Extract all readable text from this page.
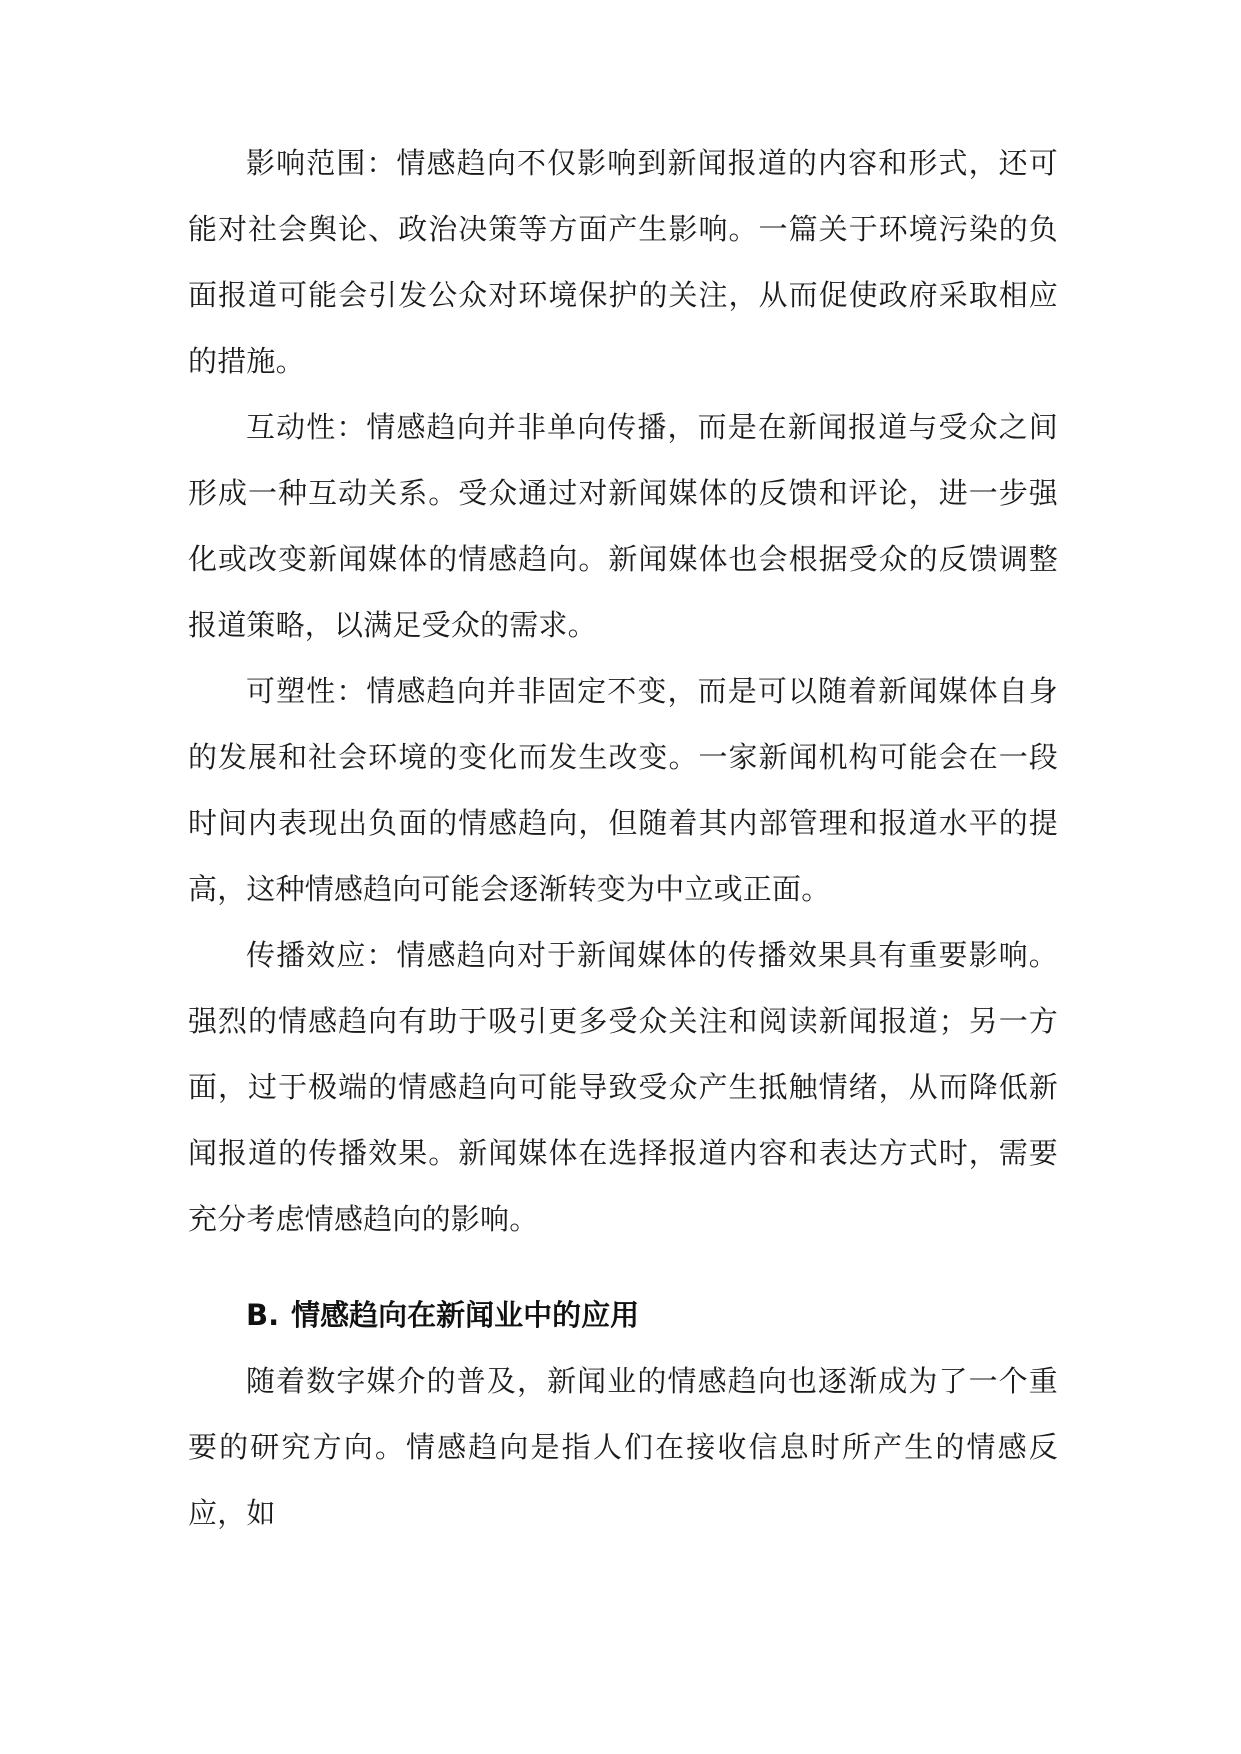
影响范围：情感趋向不仅影响到新闻报道的内容和形式，还可能对社会舆论、政治决策等方面产生影响。一篇关于环境污染的负面报道可能会引发公众对环境保护的关注，从而促使政府采取相应的措施。

互动性：情感趋向并非单向传播，而是在新闻报道与受众之间形成一种互动关系。受众通过对新闻媒体的反馈和评论，进一步强化或改变新闻媒体的情感趋向。新闻媒体也会根据受众的反馈调整报道策略，以满足受众的需求。

可塑性：情感趋向并非固定不变，而是可以随着新闻媒体自身的发展和社会环境的变化而发生改变。一家新闻机构可能会在一段时间内表现出负面的情感趋向，但随着其内部管理和报道水平的提高，这种情感趋向可能会逐渐转变为中立或正面。

传播效应：情感趋向对于新闻媒体的传播效果具有重要影响。强烈的情感趋向有助于吸引更多受众关注和阅读新闻报道；另一方面，过于极端的情感趋向可能导致受众产生抵触情绪，从而降低新闻报道的传播效果。新闻媒体在选择报道内容和表达方式时，需要充分考虑情感趋向的影响。

B. 情感趋向在新闻业中的应用

随着数字媒介的普及，新闻业的情感趋向也逐渐成为了一个重要的研究方向。情感趋向是指人们在接收信息时所产生的情感反应，如
